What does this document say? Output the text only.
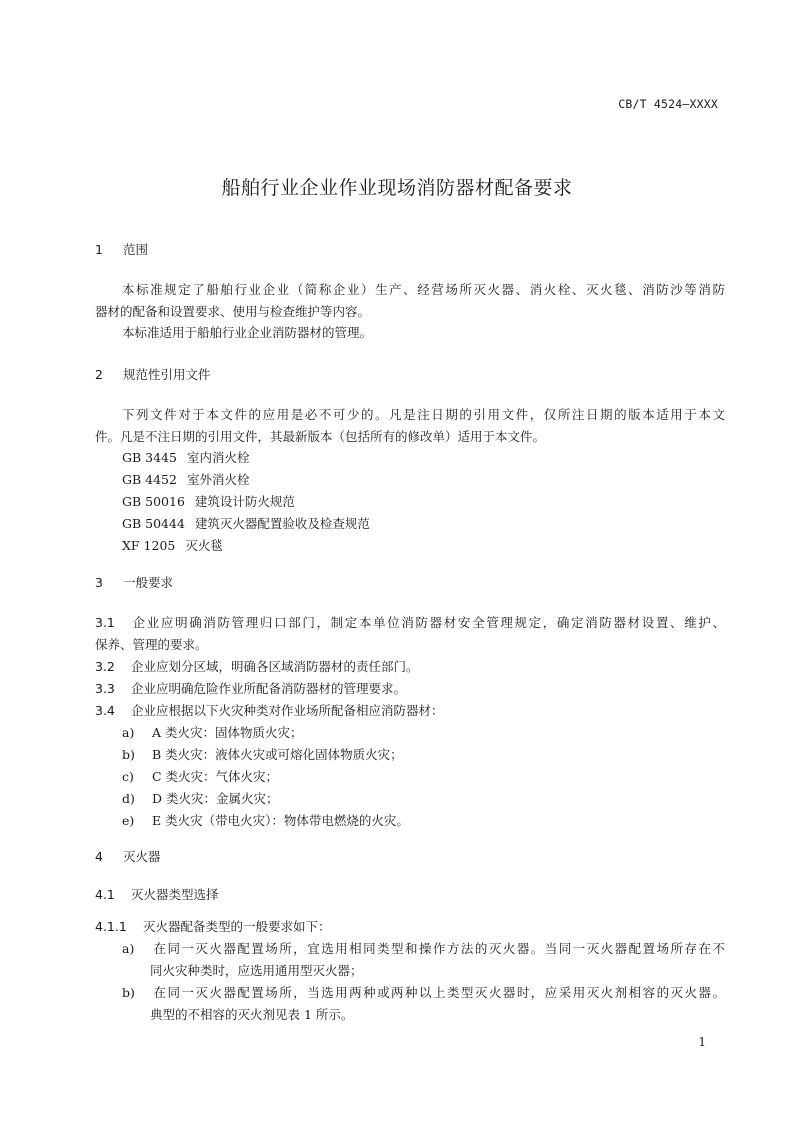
CB/T 4524—XXXX
船舶行业企业作业现场消防器材配备要求
1 范围
本标准规定了船舶行业企业（简称企业）生产、经营场所灭火器、消火栓、灭火毯、消防沙等消防
器材的配备和设置要求、使用与检查维护等内容。
本标准适用于船舶行业企业消防器材的管理。
2 规范性引用文件
下列文件对于本文件的应用是必不可少的。凡是注日期的引用文件，仅所注日期的版本适用于本文
件。凡是不注日期的引用文件，其最新版本（包括所有的修改单）适用于本文件。
GB 3445 室内消火栓
GB 4452 室外消火栓
GB 50016 建筑设计防火规范
GB 50444 建筑灭火器配置验收及检查规范
XF 1205 灭火毯
3 一般要求
3.1 企业应明确消防管理归口部门，制定本单位消防器材安全管理规定，确定消防器材设置、维护、
保养、管理的要求。
3.2 企业应划分区域，明确各区域消防器材的责任部门。
3.3 企业应明确危险作业所配备消防器材的管理要求。
3.4 企业应根据以下火灾种类对作业场所配备相应消防器材：
a) A 类火灾：固体物质火灾；
b) B 类火灾：液体火灾或可熔化固体物质火灾；
c) C 类火灾：气体火灾；
d) D 类火灾：金属火灾；
e) E 类火灾（带电火灾）：物体带电燃烧的火灾。
4 灭火器
4.1 灭火器类型选择
4.1.1 灭火器配备类型的一般要求如下：
a) 在同一灭火器配置场所，宜选用相同类型和操作方法的灭火器。当同一灭火器配置场所存在不
同火灾种类时，应选用通用型灭火器；
b) 在同一灭火器配置场所，当选用两种或两种以上类型灭火器时，应采用灭火剂相容的灭火器。
典型的不相容的灭火剂见表 1 所示。
1
